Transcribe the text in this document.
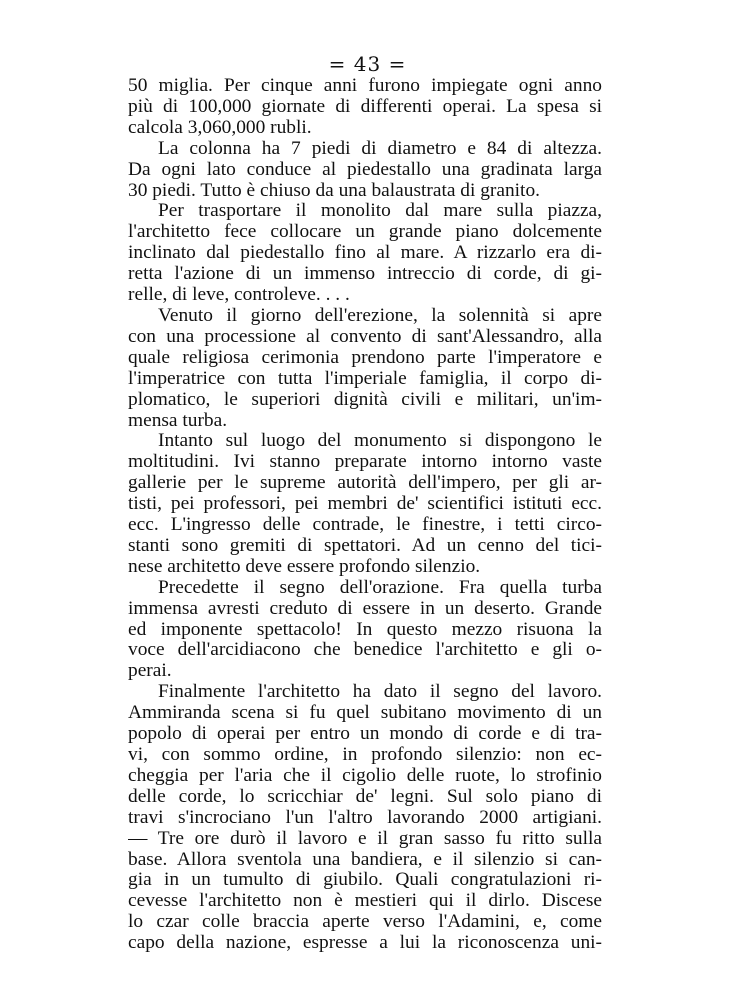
= 43 =
50 miglia. Per cinque anni furono impiegate ogni anno
più di 100,000 giornate di differenti operai. La spesa si
calcola 3,060,000 rubli.
La colonna ha 7 piedi di diametro e 84 di altezza.
Da ogni lato conduce al piedestallo una gradinata larga
30 piedi. Tutto è chiuso da una balaustrata di granito.
Per trasportare il monolito dal mare sulla piazza,
l'architetto fece collocare un grande piano dolcemente
inclinato dal piedestallo fino al mare. A rizzarlo era di-
retta l'azione di un immenso intreccio di corde, di gi-
relle, di leve, controleve. . . .
Venuto il giorno dell'erezione, la solennità si apre
con una processione al convento di sant'Alessandro, alla
quale religiosa cerimonia prendono parte l'imperatore e
l'imperatrice con tutta l'imperiale famiglia, il corpo di-
plomatico, le superiori dignità civili e militari, un'im-
mensa turba.
Intanto sul luogo del monumento si dispongono le
moltitudini. Ivi stanno preparate intorno intorno vaste
gallerie per le supreme autorità dell'impero, per gli ar-
tisti, pei professori, pei membri de' scientifici istituti ecc.
ecc. L'ingresso delle contrade, le finestre, i tetti circo-
stanti sono gremiti di spettatori. Ad un cenno del tici-
nese architetto deve essere profondo silenzio.
Precedette il segno dell'orazione. Fra quella turba
immensa avresti creduto di essere in un deserto. Grande
ed imponente spettacolo! In questo mezzo risuona la
voce dell'arcidiacono che benedice l'architetto e gli o-
perai.
Finalmente l'architetto ha dato il segno del lavoro.
Ammiranda scena si fu quel subitano movimento di un
popolo di operai per entro un mondo di corde e di tra-
vi, con sommo ordine, in profondo silenzio: non ec-
cheggia per l'aria che il cigolio delle ruote, lo strofinio
delle corde, lo scricchiar de' legni. Sul solo piano di
travi s'incrociano l'un l'altro lavorando 2000 artigiani.
— Tre ore durò il lavoro e il gran sasso fu ritto sulla
base. Allora sventola una bandiera, e il silenzio si can-
gia in un tumulto di giubilo. Quali congratulazioni ri-
cevesse l'architetto non è mestieri qui il dirlo. Discese
lo czar colle braccia aperte verso l'Adamini, e, come
capo della nazione, espresse a lui la riconoscenza uni-
